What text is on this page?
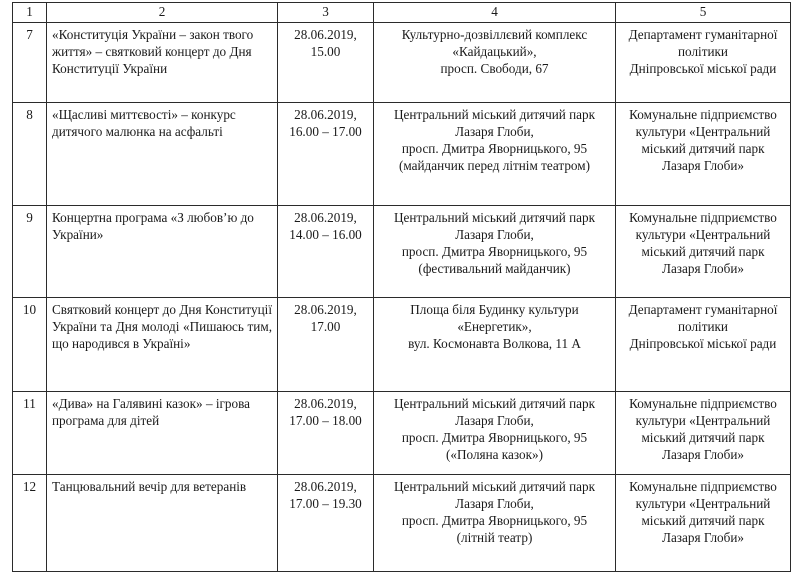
1	2	3	4	5
7	«Конституція України – закон твого життя» – святковий концерт до Дня Конституції України	28.06.2019,
15.00	Культурно-дозвіллєвий комплекс
«Кайдацький»,
просп. Свободи, 67	Департамент гуманітарної
політики
Дніпровської міської ради

8	«Щасливі миттєвості» – конкурс дитячого малюнка на асфальті	28.06.2019,
16.00 – 17.00	Центральний міський дитячий парк
Лазаря Глоби,
просп. Дмитра Яворницького, 95
(майданчик перед літнім театром)	Комунальне підприємство
культури «Центральний
міський дитячий парк
Лазаря Глоби»

9	Концертна програма «З любов’ю до України»	28.06.2019,
14.00 – 16.00	Центральний міський дитячий парк
Лазаря Глоби,
просп. Дмитра Яворницького, 95
(фестивальний майданчик)	Комунальне підприємство
культури «Центральний
міський дитячий парк
Лазаря Глоби»

10	Святковий концерт до Дня Конституції України та Дня молоді «Пишаюсь тим, що народився в Україні»	28.06.2019,
17.00	Площа біля Будинку культури
«Енергетик»,
вул. Космонавта Волкова, 11 А	Департамент гуманітарної
політики
Дніпровської міської ради

11	«Дива» на Галявині казок» – ігрова програма для дітей	28.06.2019,
17.00 – 18.00	Центральний міський дитячий парк
Лазаря Глоби,
просп. Дмитра Яворницького, 95
(«Поляна казок»)	Комунальне підприємство
культури «Центральний
міський дитячий парк
Лазаря Глоби»

12	Танцювальний вечір для ветеранів	28.06.2019,
17.00 – 19.30	Центральний міський дитячий парк
Лазаря Глоби,
просп. Дмитра Яворницького, 95
(літній театр)	Комунальне підприємство
культури «Центральний
міський дитячий парк
Лазаря Глоби»
